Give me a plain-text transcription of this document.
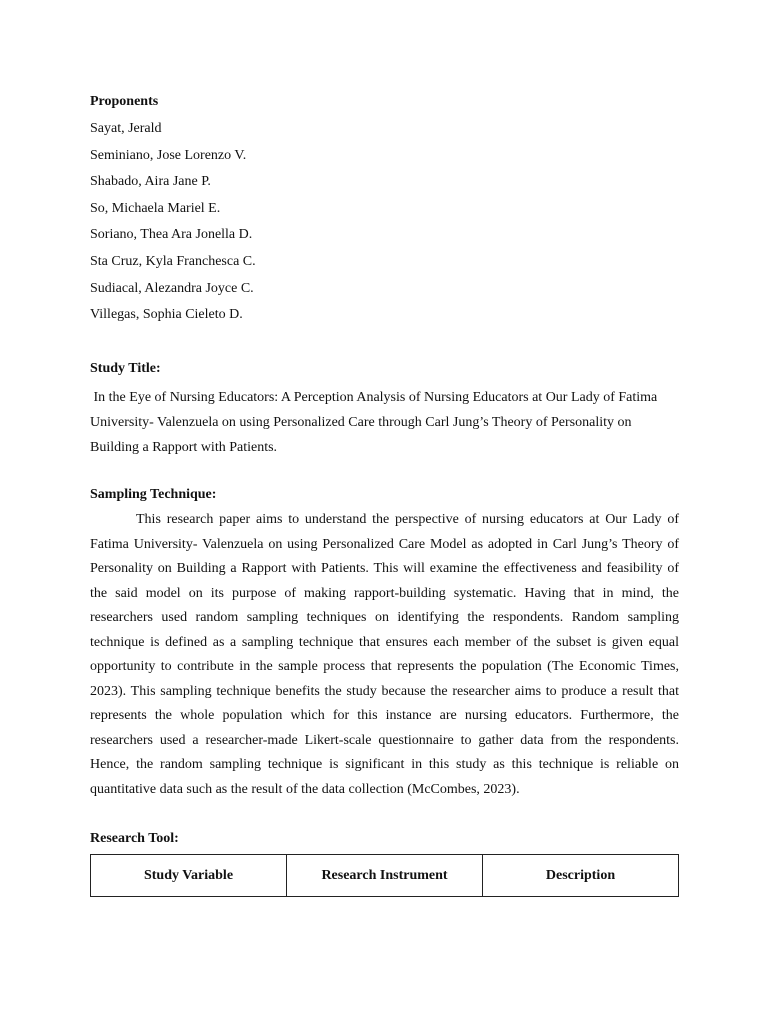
Proponents

Sayat, Jerald
Seminiano, Jose Lorenzo V.
Shabado, Aira Jane P.
So, Michaela Mariel E.
Soriano, Thea Ara Jonella D.
Sta Cruz, Kyla Franchesca C.
Sudiacal, Alezandra Joyce C.
Villegas, Sophia Cieleto D.

Study Title:

In the Eye of Nursing Educators: A Perception Analysis of Nursing Educators at Our Lady of Fatima University- Valenzuela on using Personalized Care through Carl Jung’s Theory of Personality on Building a Rapport with Patients.

Sampling Technique:

This research paper aims to understand the perspective of nursing educators at Our Lady of Fatima University- Valenzuela on using Personalized Care Model as adopted in Carl Jung’s Theory of Personality on Building a Rapport with Patients. This will examine the effectiveness and feasibility of the said model on its purpose of making rapport-building systematic. Having that in mind, the researchers used random sampling techniques on identifying the respondents. Random sampling technique is defined as a sampling technique that ensures each member of the subset is given equal opportunity to contribute in the sample process that represents the population (The Economic Times, 2023). This sampling technique benefits the study because the researcher aims to produce a result that represents the whole population which for this instance are nursing educators. Furthermore, the researchers used a researcher-made Likert-scale questionnaire to gather data from the respondents. Hence, the random sampling technique is significant in this study as this technique is reliable on quantitative data such as the result of the data collection (McCombes, 2023).

Research Tool:

Study Variable	Research Instrument	Description
